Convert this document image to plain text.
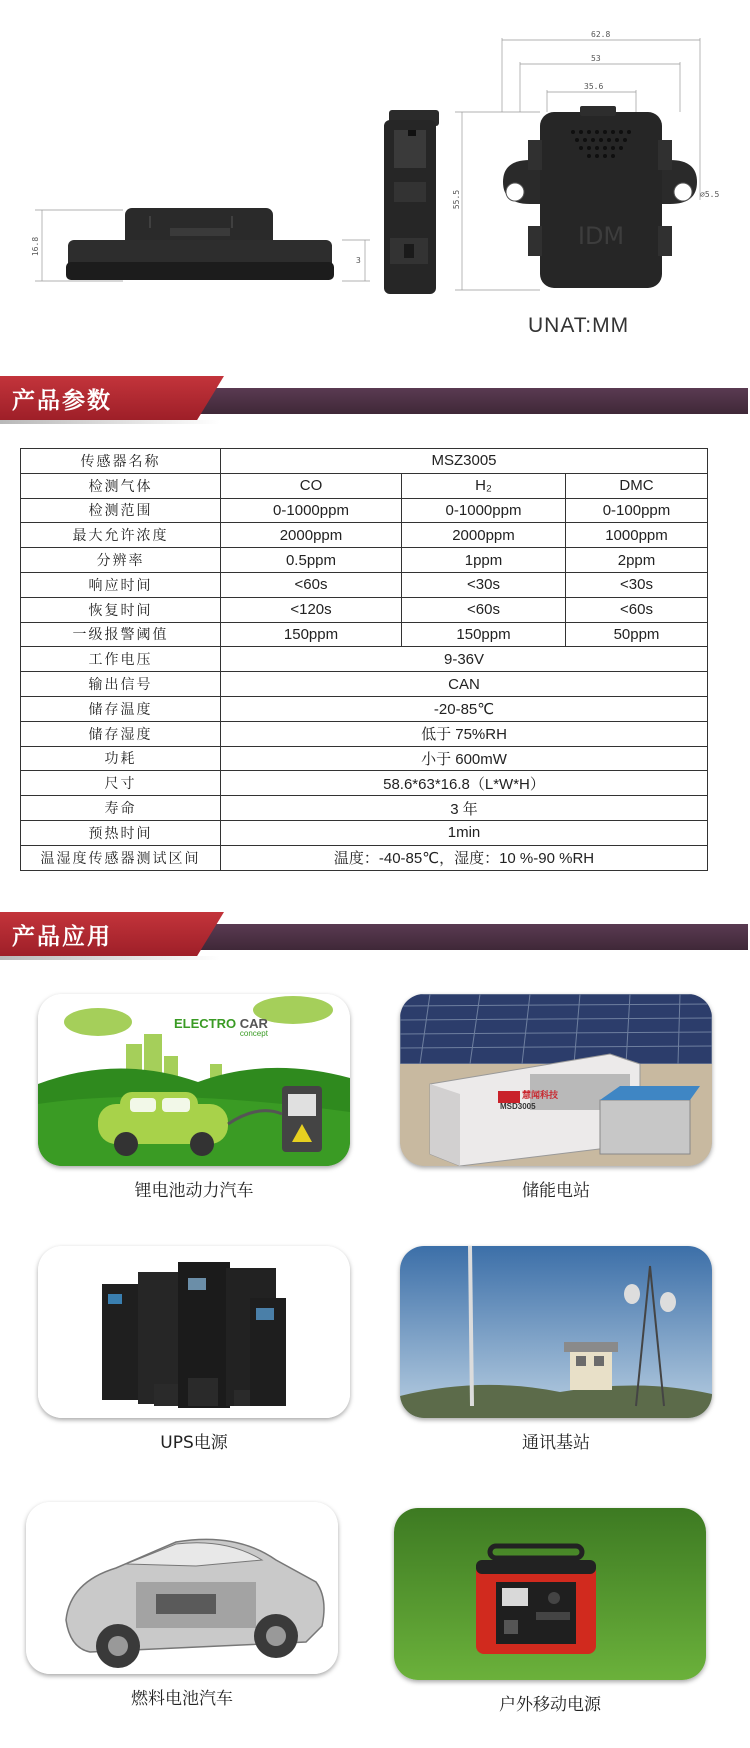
IDM
62.8
53
35.6
55.5	⌀5.5
16.8
3
UNAT:MM
产品参数
传感器名称	MSZ3005		
检测气体	CO	H₂	DMC
检测范围	0-1000ppm	0-1000ppm	0-100ppm
最大允许浓度	2000ppm	2000ppm	1000ppm
分辨率	0.5ppm	1ppm	2ppm
响应时间	<60s	<30s	<30s
恢复时间	<120s	<60s	<60s
一级报警阈值	150ppm	150ppm	50ppm
工作电压	9-36V		
输出信号	CAN		
储存温度	-20-85℃		
储存湿度	低于 75%RH		
功耗	小于 600mW		
尺寸	58.6*63*16.8（L*W*H）		
寿命	3 年		
预热时间	1min		
温湿度传感器测试区间	温度：-40-85℃，湿度：10 %-90 %RH		
产品应用
ELECTRO CAR
concept
锂电池动力汽车
慧闻科技
MSD3005
储能电站
UPS电源	通讯基站
燃料电池汽车	户外移动电源
